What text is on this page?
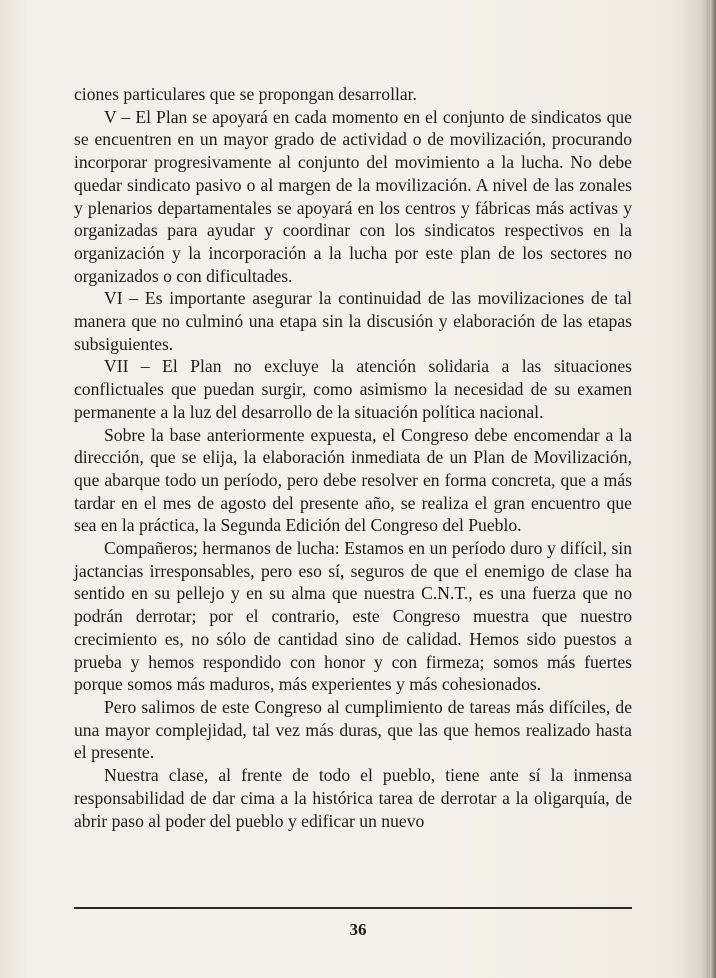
ciones particulares que se propongan desarrollar.

V – El Plan se apoyará en cada momento en el conjunto de sindicatos que se encuentren en un mayor grado de actividad o de movilización, procurando incorporar progresivamente al conjunto del movimiento a la lucha. No debe quedar sindicato pasivo o al margen de la movilización. A nivel de las zonales y plenarios departamentales se apoyará en los centros y fábricas más activas y organizadas para ayudar y coordinar con los sindicatos respectivos en la organización y la incorporación a la lucha por este plan de los sectores no organizados o con dificultades.

VI – Es importante asegurar la continuidad de las movilizaciones de tal manera que no culminó una etapa sin la discusión y elaboración de las etapas subsiguientes.

VII – El Plan no excluye la atención solidaria a las situaciones conflictuales que puedan surgir, como asimismo la necesidad de su examen permanente a la luz del desarrollo de la situación política nacional.

Sobre la base anteriormente expuesta, el Congreso debe encomendar a la dirección, que se elija, la elaboración inmediata de un Plan de Movilización, que abarque todo un período, pero debe resolver en forma concreta, que a más tardar en el mes de agosto del presente año, se realiza el gran encuentro que sea en la práctica, la Segunda Edición del Congreso del Pueblo.

Compañeros; hermanos de lucha: Estamos en un período duro y difícil, sin jactancias irresponsables, pero eso sí, seguros de que el enemigo de clase ha sentido en su pellejo y en su alma que nuestra C.N.T., es una fuerza que no podrán derrotar; por el contrario, este Congreso muestra que nuestro crecimiento es, no sólo de cantidad sino de calidad. Hemos sido puestos a prueba y hemos respondido con honor y con firmeza; somos más fuertes porque somos más maduros, más experientes y más cohesionados.

Pero salimos de este Congreso al cumplimiento de tareas más difíciles, de una mayor complejidad, tal vez más duras, que las que hemos realizado hasta el presente.

Nuestra clase, al frente de todo el pueblo, tiene ante sí la inmensa responsabilidad de dar cima a la histórica tarea de derrotar a la oligarquía, de abrir paso al poder del pueblo y edificar un nuevo

36
